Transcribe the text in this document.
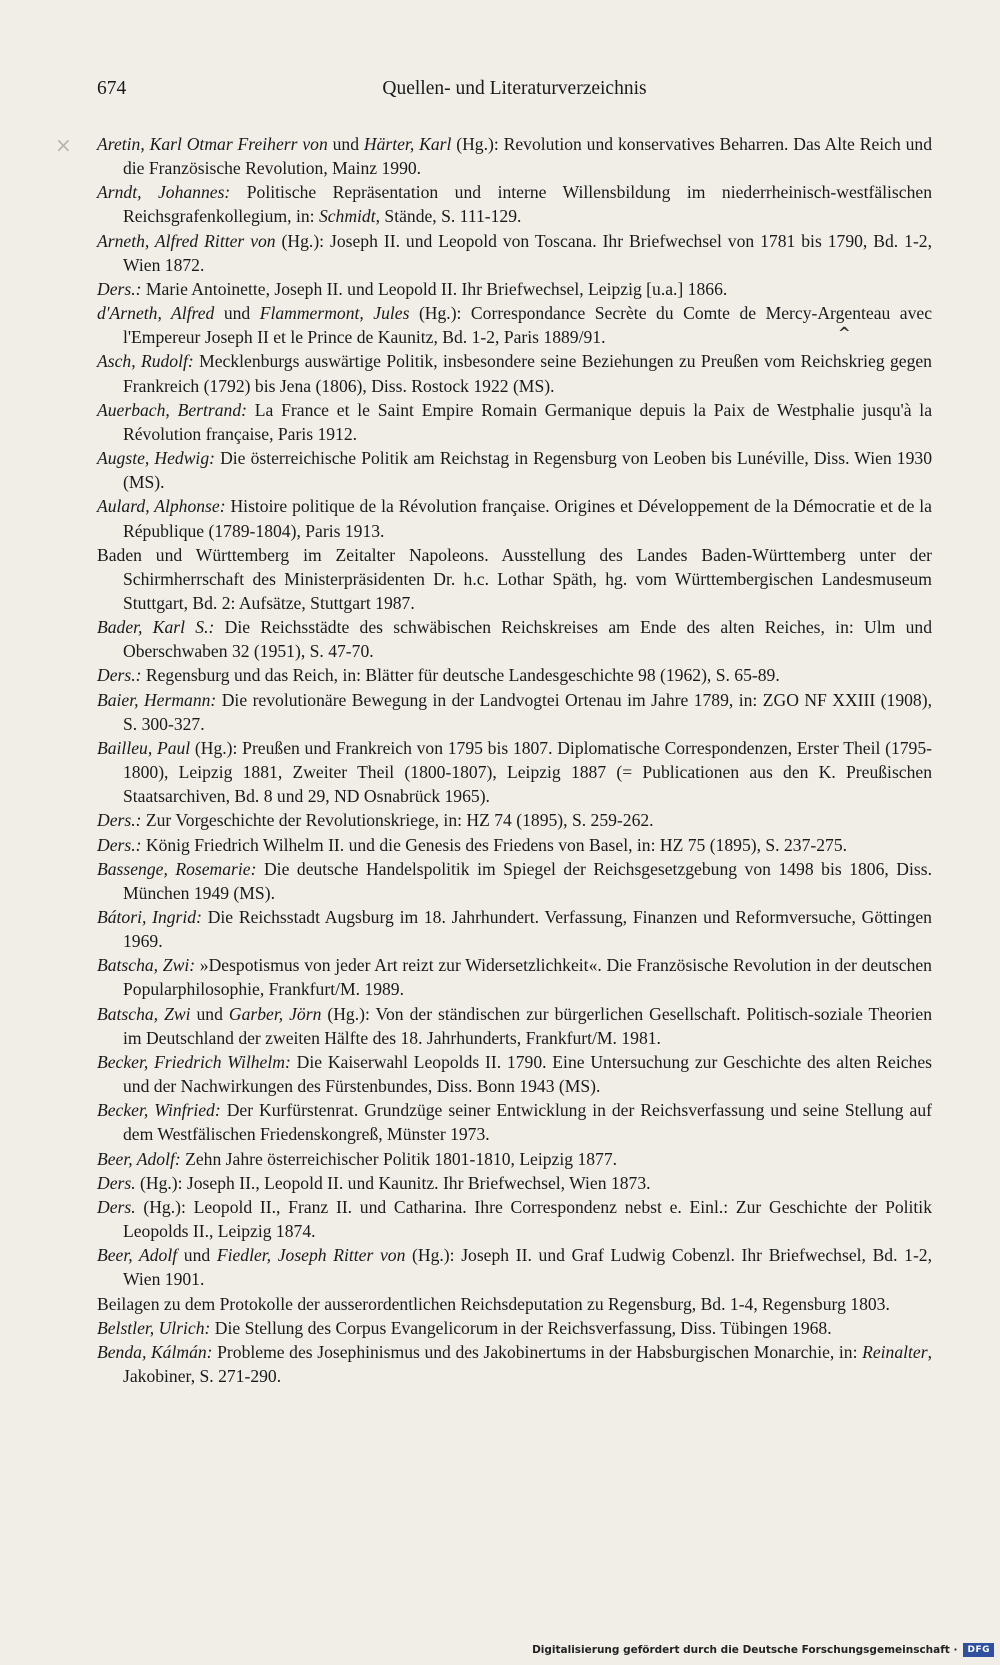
674	Quellen- und Literaturverzeichnis
×
^
Aretin, Karl Otmar Freiherr von und Härter, Karl (Hg.): Revolution und konservatives Beharren. Das Alte Reich und die Französische Revolution, Mainz 1990.
Arndt, Johannes: Politische Repräsentation und interne Willensbildung im niederrheinisch-westfälischen Reichsgrafenkollegium, in: Schmidt, Stände, S. 111-129.
Arneth, Alfred Ritter von (Hg.): Joseph II. und Leopold von Toscana. Ihr Briefwechsel von 1781 bis 1790, Bd. 1-2, Wien 1872.
Ders.: Marie Antoinette, Joseph II. und Leopold II. Ihr Briefwechsel, Leipzig [u.a.] 1866.
d'Arneth, Alfred und Flammermont, Jules (Hg.): Correspondance Secrète du Comte de Mercy-Argenteau avec l'Empereur Joseph II et le Prince de Kaunitz, Bd. 1-2, Paris 1889/91.
Asch, Rudolf: Mecklenburgs auswärtige Politik, insbesondere seine Beziehungen zu Preußen vom Reichskrieg gegen Frankreich (1792) bis Jena (1806), Diss. Rostock 1922 (MS).
Auerbach, Bertrand: La France et le Saint Empire Romain Germanique depuis la Paix de Westphalie jusqu'à la Révolution française, Paris 1912.
Augste, Hedwig: Die österreichische Politik am Reichstag in Regensburg von Leoben bis Lunéville, Diss. Wien 1930 (MS).
Aulard, Alphonse: Histoire politique de la Révolution française. Origines et Développement de la Démocratie et de la République (1789-1804), Paris 1913.
Baden und Württemberg im Zeitalter Napoleons. Ausstellung des Landes Baden-Württemberg unter der Schirmherrschaft des Ministerpräsidenten Dr. h.c. Lothar Späth, hg. vom Württembergischen Landesmuseum Stuttgart, Bd. 2: Aufsätze, Stuttgart 1987.
Bader, Karl S.: Die Reichsstädte des schwäbischen Reichskreises am Ende des alten Reiches, in: Ulm und Oberschwaben 32 (1951), S. 47-70.
Ders.: Regensburg und das Reich, in: Blätter für deutsche Landesgeschichte 98 (1962), S. 65-89.
Baier, Hermann: Die revolutionäre Bewegung in der Landvogtei Ortenau im Jahre 1789, in: ZGO NF XXIII (1908), S. 300-327.
Bailleu, Paul (Hg.): Preußen und Frankreich von 1795 bis 1807. Diplomatische Correspondenzen, Erster Theil (1795-1800), Leipzig 1881, Zweiter Theil (1800-1807), Leipzig 1887 (= Publicationen aus den K. Preußischen Staatsarchiven, Bd. 8 und 29, ND Osnabrück 1965).
Ders.: Zur Vorgeschichte der Revolutionskriege, in: HZ 74 (1895), S. 259-262.
Ders.: König Friedrich Wilhelm II. und die Genesis des Friedens von Basel, in: HZ 75 (1895), S. 237-275.
Bassenge, Rosemarie: Die deutsche Handelspolitik im Spiegel der Reichsgesetzgebung von 1498 bis 1806, Diss. München 1949 (MS).
Bátori, Ingrid: Die Reichsstadt Augsburg im 18. Jahrhundert. Verfassung, Finanzen und Reformversuche, Göttingen 1969.
Batscha, Zwi: »Despotismus von jeder Art reizt zur Widersetzlichkeit«. Die Französische Revolution in der deutschen Popularphilosophie, Frankfurt/M. 1989.
Batscha, Zwi und Garber, Jörn (Hg.): Von der ständischen zur bürgerlichen Gesellschaft. Politisch-soziale Theorien im Deutschland der zweiten Hälfte des 18. Jahrhunderts, Frankfurt/M. 1981.
Becker, Friedrich Wilhelm: Die Kaiserwahl Leopolds II. 1790. Eine Untersuchung zur Geschichte des alten Reiches und der Nachwirkungen des Fürstenbundes, Diss. Bonn 1943 (MS).
Becker, Winfried: Der Kurfürstenrat. Grundzüge seiner Entwicklung in der Reichsverfassung und seine Stellung auf dem Westfälischen Friedenskongreß, Münster 1973.
Beer, Adolf: Zehn Jahre österreichischer Politik 1801-1810, Leipzig 1877.
Ders. (Hg.): Joseph II., Leopold II. und Kaunitz. Ihr Briefwechsel, Wien 1873.
Ders. (Hg.): Leopold II., Franz II. und Catharina. Ihre Correspondenz nebst e. Einl.: Zur Geschichte der Politik Leopolds II., Leipzig 1874.
Beer, Adolf und Fiedler, Joseph Ritter von (Hg.): Joseph II. und Graf Ludwig Cobenzl. Ihr Briefwechsel, Bd. 1-2, Wien 1901.
Beilagen zu dem Protokolle der ausserordentlichen Reichsdeputation zu Regensburg, Bd. 1-4, Regensburg 1803.
Belstler, Ulrich: Die Stellung des Corpus Evangelicorum in der Reichsverfassung, Diss. Tübingen 1968.
Benda, Kálmán: Probleme des Josephinismus und des Jakobinertums in der Habsburgischen Monarchie, in: Reinalter, Jakobiner, S. 271-290.
Digitalisierung gefördert durch die Deutsche Forschungsgemeinschaft ·	DFG
